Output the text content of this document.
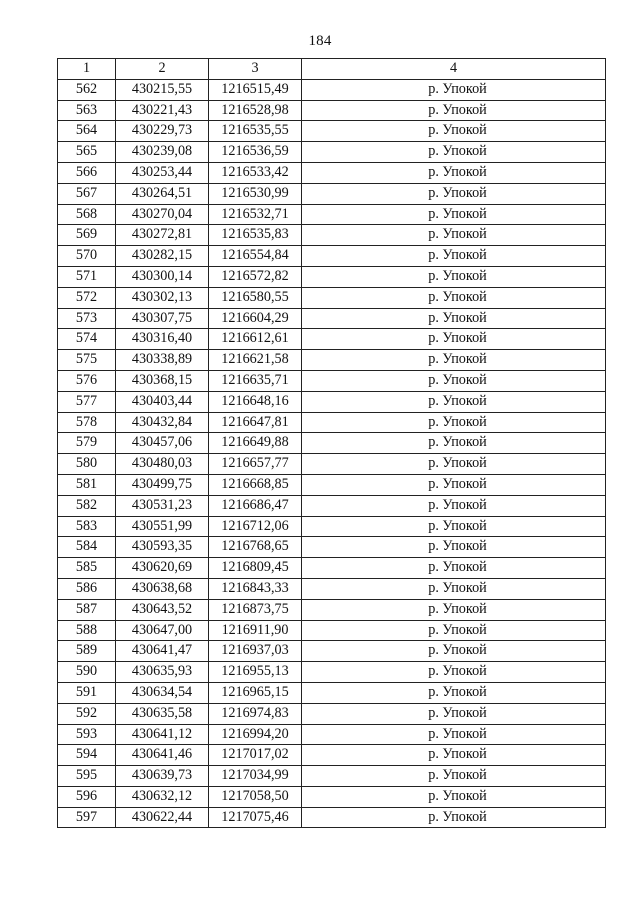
184
1	2	3	4
562	430215,55	1216515,49	р. Упокой
563	430221,43	1216528,98	р. Упокой
564	430229,73	1216535,55	р. Упокой
565	430239,08	1216536,59	р. Упокой
566	430253,44	1216533,42	р. Упокой
567	430264,51	1216530,99	р. Упокой
568	430270,04	1216532,71	р. Упокой
569	430272,81	1216535,83	р. Упокой
570	430282,15	1216554,84	р. Упокой
571	430300,14	1216572,82	р. Упокой
572	430302,13	1216580,55	р. Упокой
573	430307,75	1216604,29	р. Упокой
574	430316,40	1216612,61	р. Упокой
575	430338,89	1216621,58	р. Упокой
576	430368,15	1216635,71	р. Упокой
577	430403,44	1216648,16	р. Упокой
578	430432,84	1216647,81	р. Упокой
579	430457,06	1216649,88	р. Упокой
580	430480,03	1216657,77	р. Упокой
581	430499,75	1216668,85	р. Упокой
582	430531,23	1216686,47	р. Упокой
583	430551,99	1216712,06	р. Упокой
584	430593,35	1216768,65	р. Упокой
585	430620,69	1216809,45	р. Упокой
586	430638,68	1216843,33	р. Упокой
587	430643,52	1216873,75	р. Упокой
588	430647,00	1216911,90	р. Упокой
589	430641,47	1216937,03	р. Упокой
590	430635,93	1216955,13	р. Упокой
591	430634,54	1216965,15	р. Упокой
592	430635,58	1216974,83	р. Упокой
593	430641,12	1216994,20	р. Упокой
594	430641,46	1217017,02	р. Упокой
595	430639,73	1217034,99	р. Упокой
596	430632,12	1217058,50	р. Упокой
597	430622,44	1217075,46	р. Упокой
